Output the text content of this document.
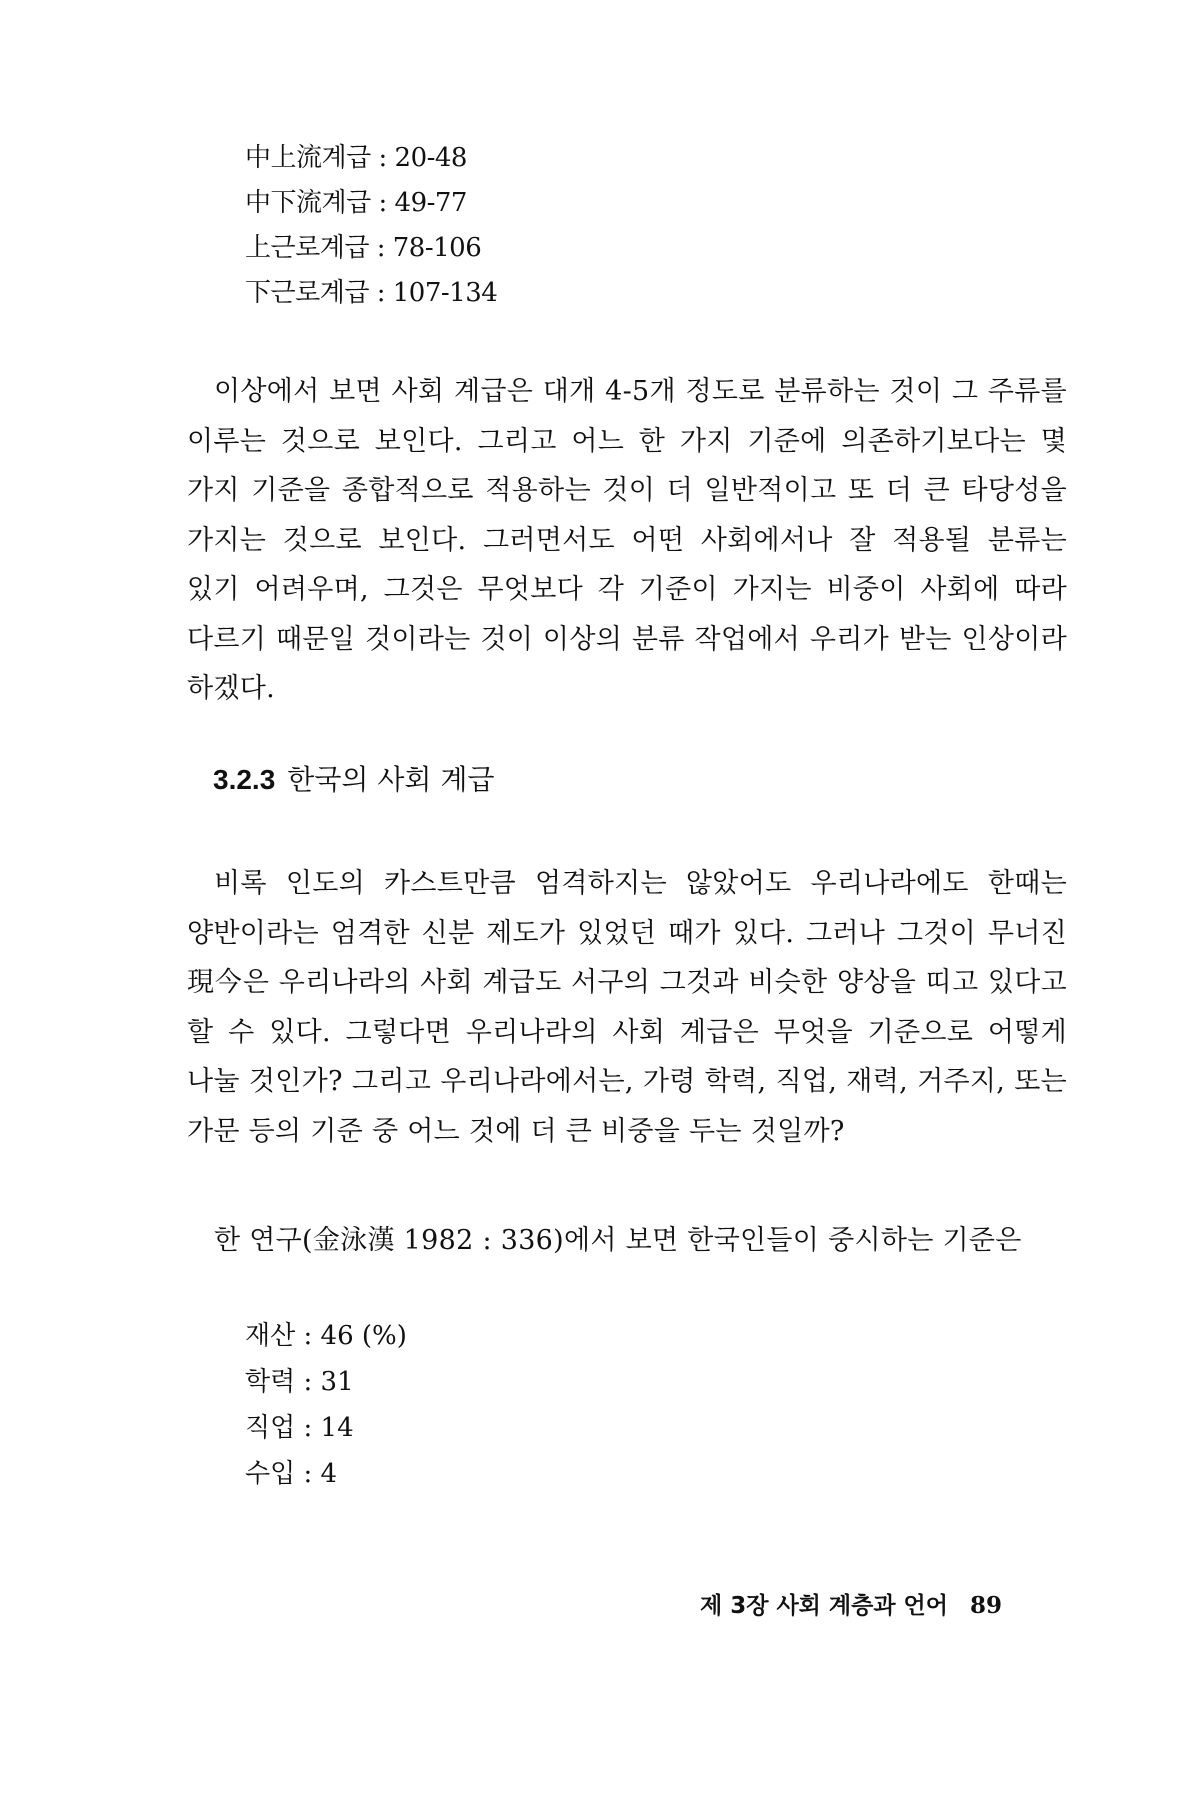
中上流계급 : 20-48
中下流계급 : 49-77
上근로계급 : 78-106
下근로계급 : 107-134

이상에서 보면 사회 계급은 대개 4-5개 정도로 분류하는 것이 그 주류를 이루는 것으로 보인다. 그리고 어느 한 가지 기준에 의존하기보다는 몇 가지 기준을 종합적으로 적용하는 것이 더 일반적이고 또 더 큰 타당성을 가지는 것으로 보인다. 그러면서도 어떤 사회에서나 잘 적용될 분류는 있기 어려우며, 그것은 무엇보다 각 기준이 가지는 비중이 사회에 따라 다르기 때문일 것이라는 것이 이상의 분류 작업에서 우리가 받는 인상이라 하겠다.

3.2.3 한국의 사회 계급

비록 인도의 카스트만큼 엄격하지는 않았어도 우리나라에도 한때는 양반이라는 엄격한 신분 제도가 있었던 때가 있다. 그러나 그것이 무너진 現今은 우리나라의 사회 계급도 서구의 그것과 비슷한 양상을 띠고 있다고 할 수 있다. 그렇다면 우리나라의 사회 계급은 무엇을 기준으로 어떻게 나눌 것인가? 그리고 우리나라에서는, 가령 학력, 직업, 재력, 거주지, 또는 가문 등의 기준 중 어느 것에 더 큰 비중을 두는 것일까?

한 연구(金泳漢 1982 : 336)에서 보면 한국인들이 중시하는 기준은

재산 : 46 (%)
학력 : 31
직업 : 14
수입 : 4
제 3장 사회 계층과 언어 89
